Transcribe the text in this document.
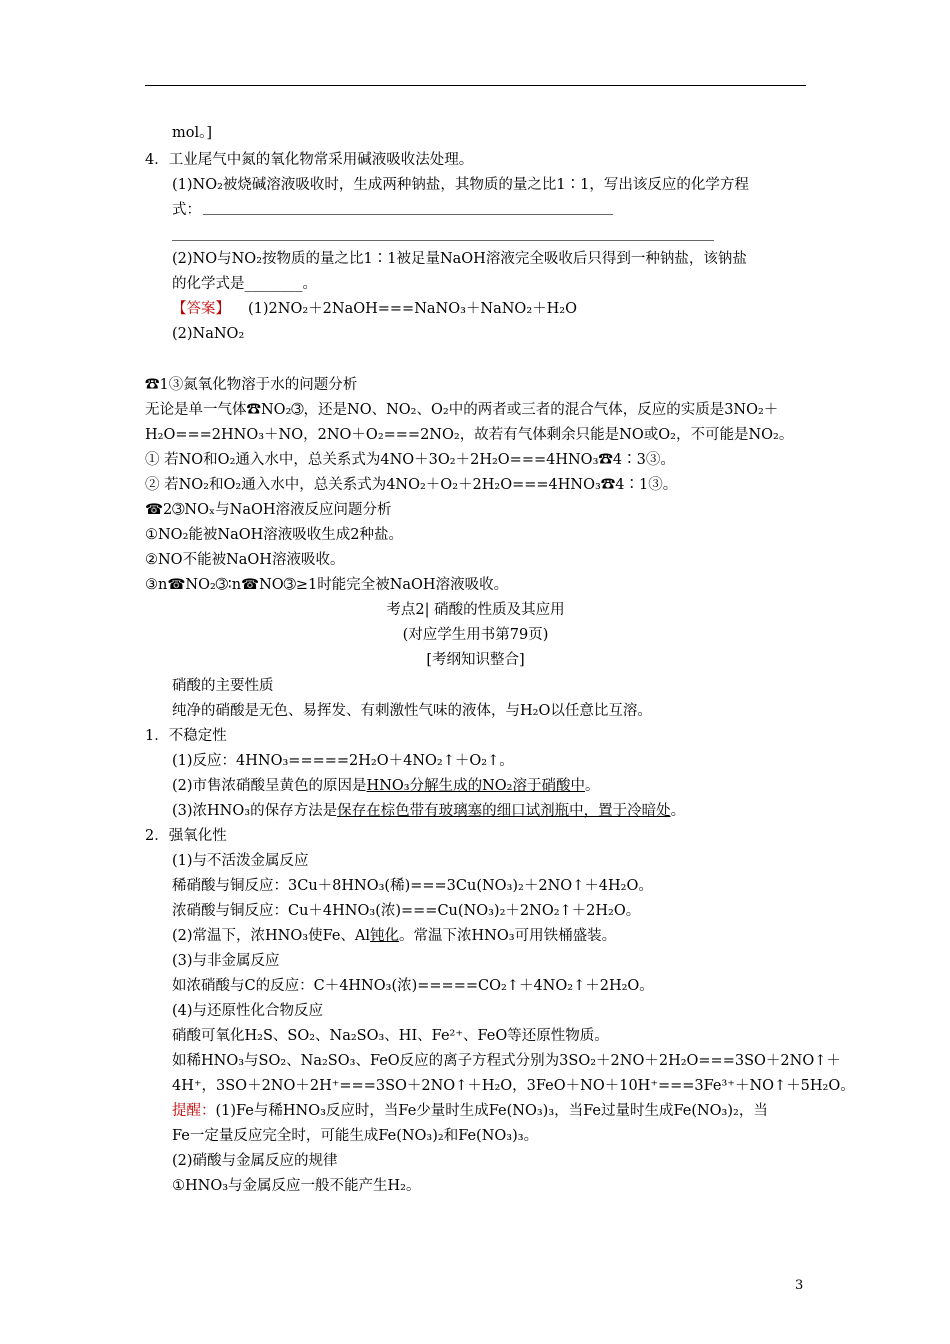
mol。]
4．工业尾气中氮的氧化物常采用碱液吸收法处理。
(1)NO₂被烧碱溶液吸收时，生成两种钠盐，其物质的量之比1∶1，写出该反应的化学方程
式：
(2)NO与NO₂按物质的量之比1∶1被足量NaOH溶液完全吸收后只得到一种钠盐，该钠盐
的化学式是________。
【答案】 (1)2NO₂＋2NaOH===NaNO₃＋NaNO₂＋H₂O
(2)NaNO₂
☎1➂氮氧化物溶于水的问题分析
无论是单一气体☎NO₂➂，还是NO、NO₂、O₂中的两者或三者的混合气体，反应的实质是3NO₂＋
H₂O===2HNO₃＋NO，2NO＋O₂===2NO₂，故若有气体剩余只能是NO或O₂，不可能是NO₂。
① 若NO和O₂通入水中，总关系式为4NO＋3O₂＋2H₂O===4HNO₃☎4∶3➂。
② 若NO₂和O₂通入水中，总关系式为4NO₂＋O₂＋2H₂O===4HNO₃☎4∶1➂。
☎2➂NOₓ与NaOH溶液反应问题分析
①NO₂能被NaOH溶液吸收生成2种盐。
②NO不能被NaOH溶液吸收。
③n☎NO₂➂∶n☎NO➂≥1时能完全被NaOH溶液吸收。
考点2| 硝酸的性质及其应用
(对应学生用书第79页)
[考纲知识整合]
硝酸的主要性质
纯净的硝酸是无色、易挥发、有刺激性气味的液体，与H₂O以任意比互溶。
1．不稳定性
(1)反应：4HNO₃=====2H₂O＋4NO₂↑＋O₂↑。
(2)市售浓硝酸呈黄色的原因是HNO₃分解生成的NO₂溶于硝酸中。
(3)浓HNO₃的保存方法是保存在棕色带有玻璃塞的细口试剂瓶中，置于冷暗处。
2．强氧化性
(1)与不活泼金属反应
稀硝酸与铜反应：3Cu＋8HNO₃(稀)===3Cu(NO₃)₂＋2NO↑＋4H₂O。
浓硝酸与铜反应：Cu＋4HNO₃(浓)===Cu(NO₃)₂＋2NO₂↑＋2H₂O。
(2)常温下，浓HNO₃使Fe、Al钝化。常温下浓HNO₃可用铁桶盛装。
(3)与非金属反应
如浓硝酸与C的反应：C＋4HNO₃(浓)=====CO₂↑＋4NO₂↑＋2H₂O。
(4)与还原性化合物反应
硝酸可氧化H₂S、SO₂、Na₂SO₃、HI、Fe²⁺、FeO等还原性物质。
如稀HNO₃与SO₂、Na₂SO₃、FeO反应的离子方程式分别为3SO₂＋2NO＋2H₂O===3SO＋2NO↑＋
4H⁺，3SO＋2NO＋2H⁺===3SO＋2NO↑＋H₂O，3FeO＋NO＋10H⁺===3Fe³⁺＋NO↑＋5H₂O。
提醒：(1)Fe与稀HNO₃反应时，当Fe少量时生成Fe(NO₃)₃，当Fe过量时生成Fe(NO₃)₂，当
Fe一定量反应完全时，可能生成Fe(NO₃)₂和Fe(NO₃)₃。
(2)硝酸与金属反应的规律
①HNO₃与金属反应一般不能产生H₂。
3
